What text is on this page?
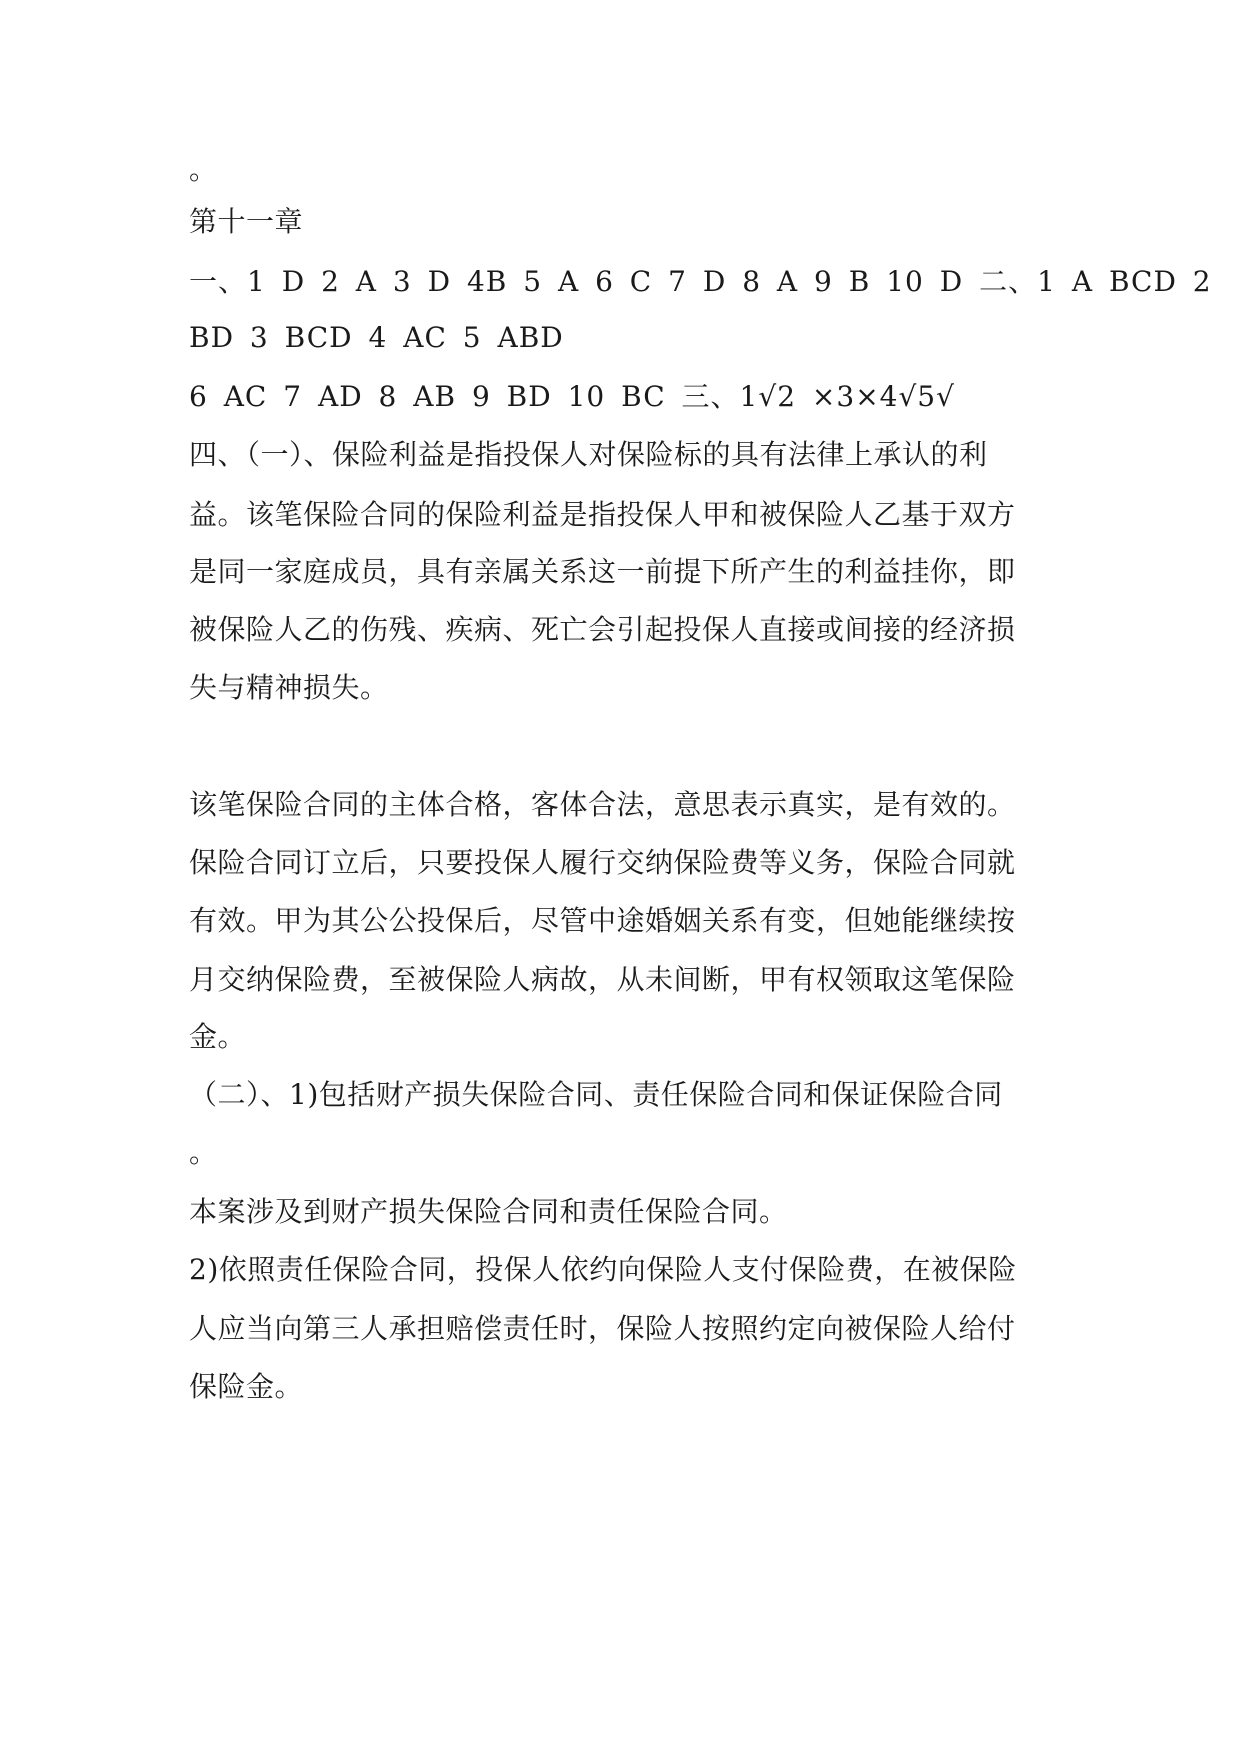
。
第十一章
一、1 D 2 A 3 D 4B 5 A 6 C 7 D 8 A 9 B 10 D 二、1 A BCD 2
BD 3 BCD 4 AC 5 ABD
6 AC 7 AD 8 AB 9 BD 10 BC 三、1√2 ×3×4√5√
四、（一）、保险利益是指投保人对保险标的具有法律上承认的利
益。该笔保险合同的保险利益是指投保人甲和被保险人乙基于双方
是同一家庭成员，具有亲属关系这一前提下所产生的利益挂你，即
被保险人乙的伤残、疾病、死亡会引起投保人直接或间接的经济损
失与精神损失。
该笔保险合同的主体合格，客体合法，意思表示真实，是有效的。
保险合同订立后，只要投保人履行交纳保险费等义务，保险合同就
有效。甲为其公公投保后，尽管中途婚姻关系有变，但她能继续按
月交纳保险费，至被保险人病故，从未间断，甲有权领取这笔保险
金。
（二）、1)包括财产损失保险合同、责任保险合同和保证保险合同
。
本案涉及到财产损失保险合同和责任保险合同。
2)依照责任保险合同，投保人依约向保险人支付保险费，在被保险
人应当向第三人承担赔偿责任时，保险人按照约定向被保险人给付
保险金。
